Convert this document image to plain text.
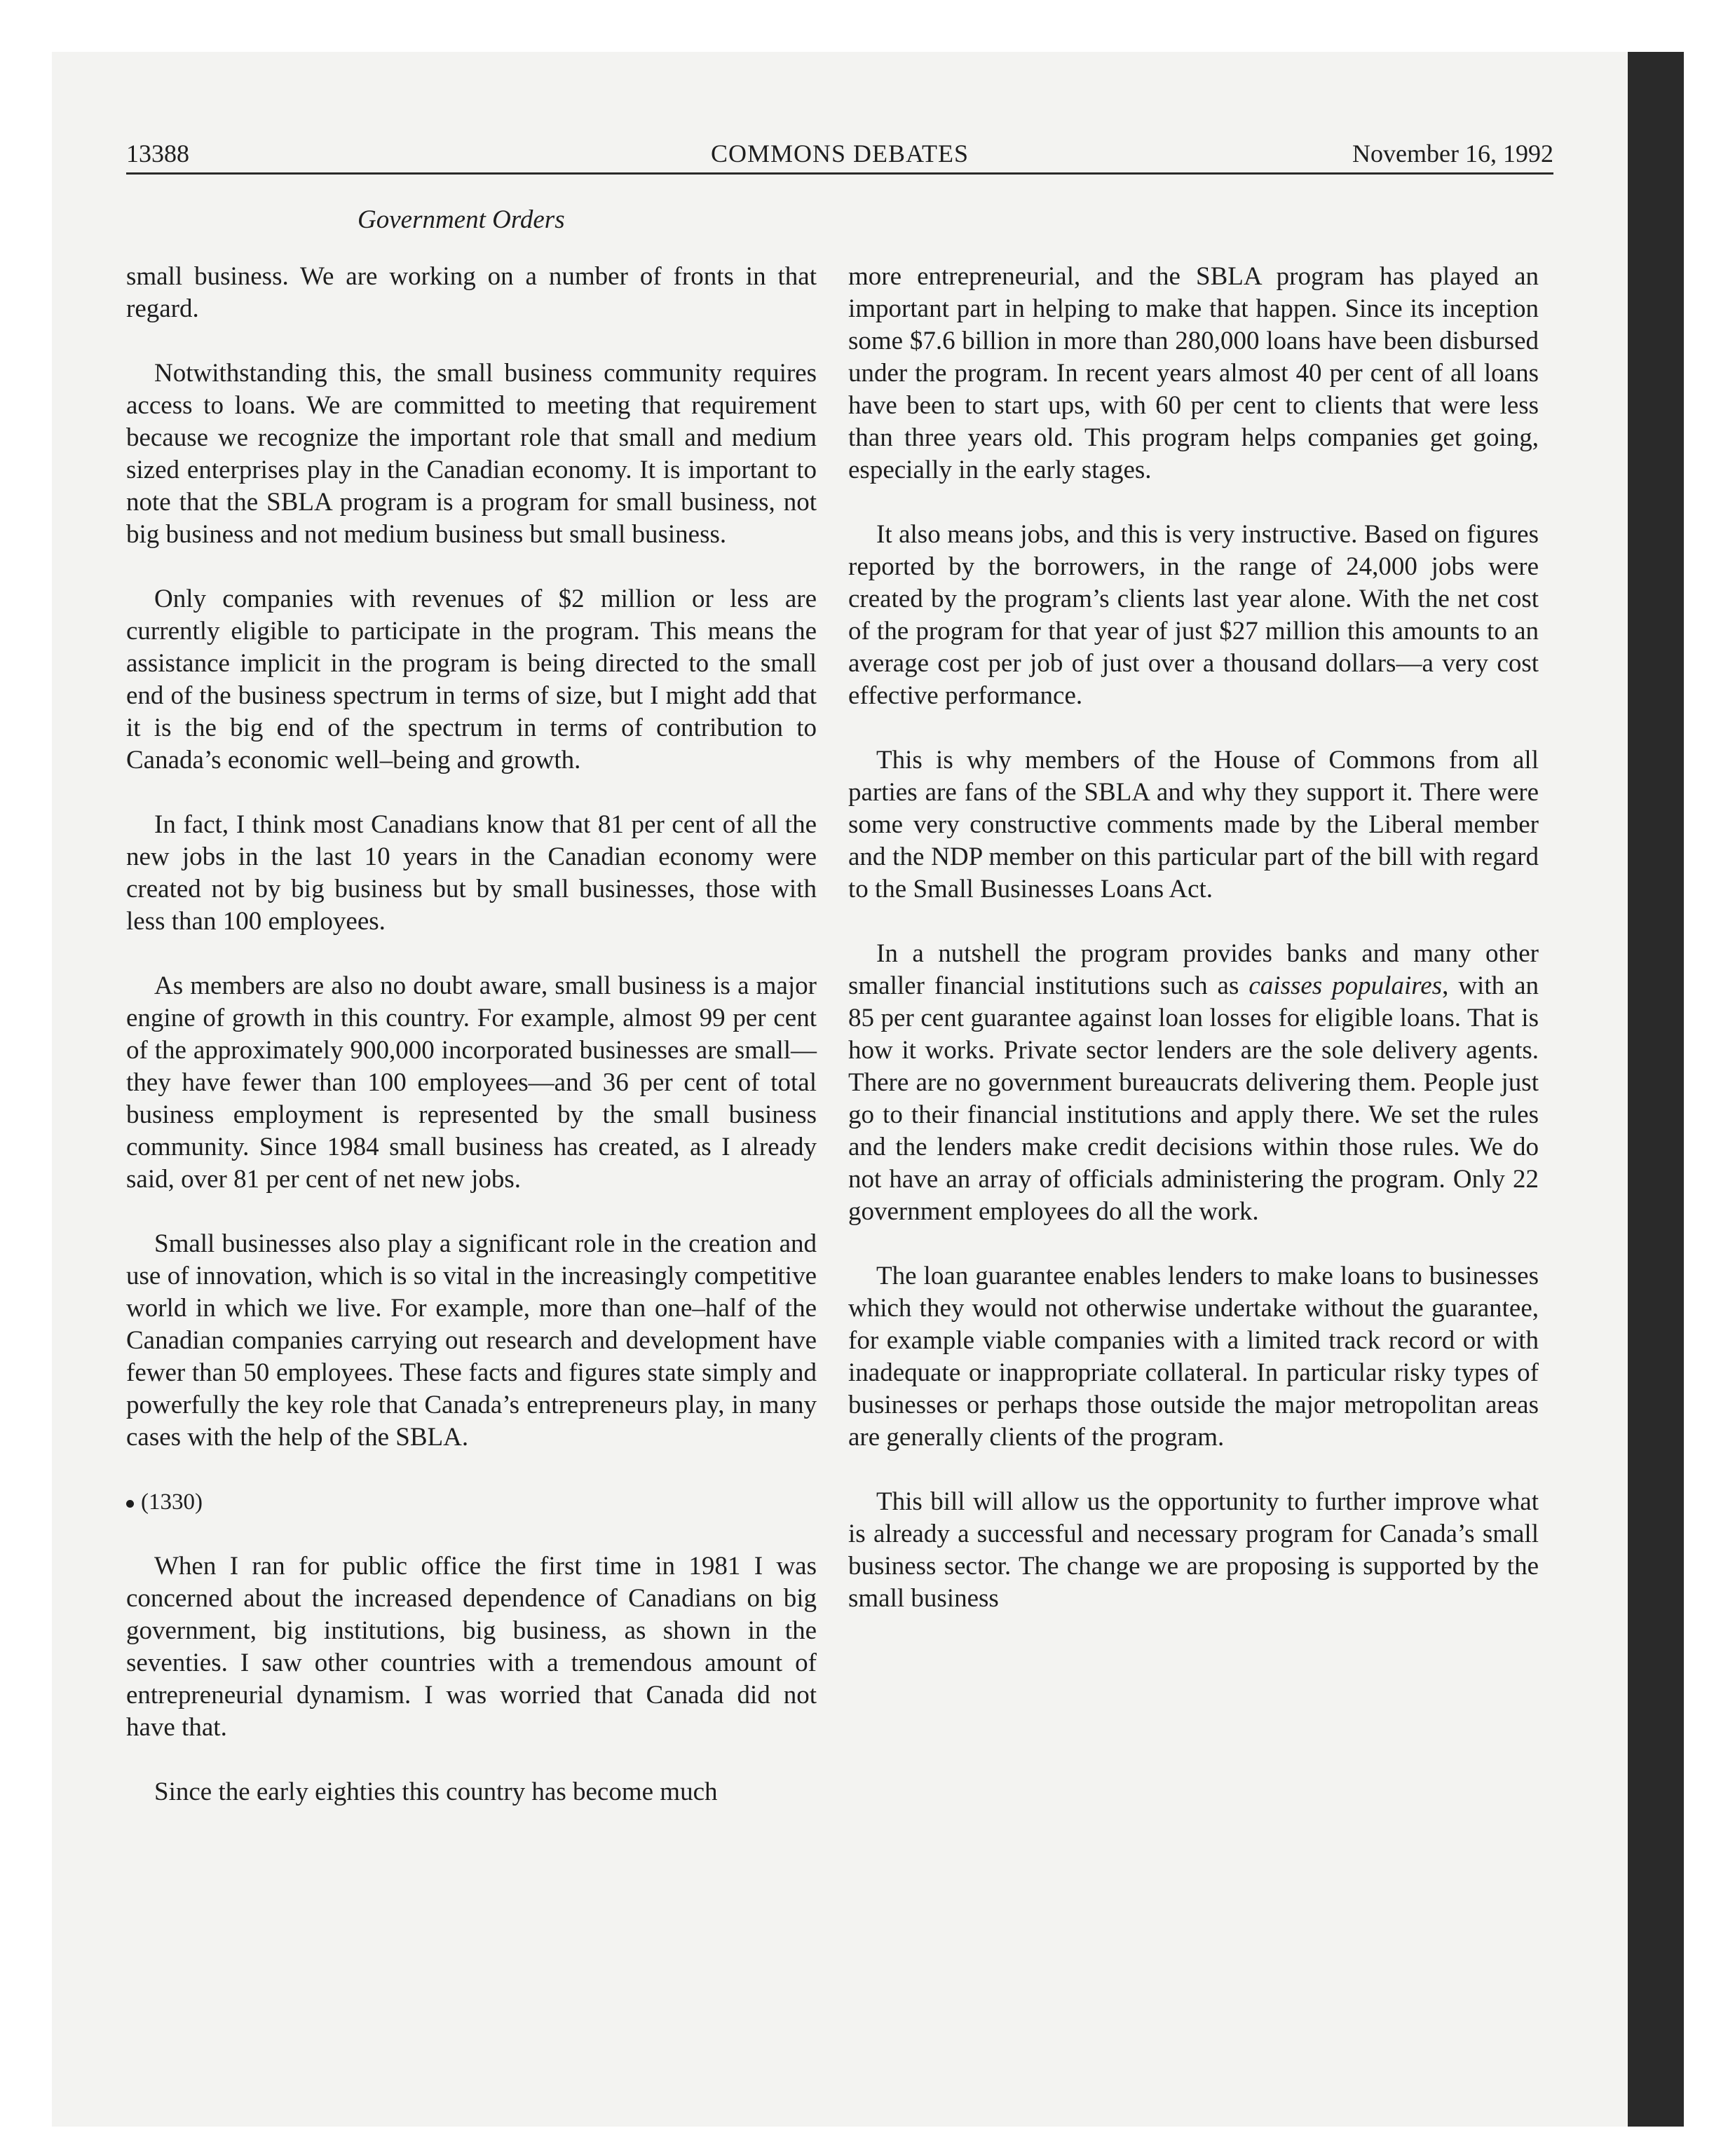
13388	COMMONS DEBATES	November 16, 1992
Government Orders

small business. We are working on a number of fronts in that regard.

Notwithstanding this, the small business community requires access to loans. We are committed to meeting that requirement because we recognize the important role that small and medium sized enterprises play in the Canadian economy. It is important to note that the SBLA program is a program for small business, not big business and not medium business but small business.

Only companies with revenues of $2 million or less are currently eligible to participate in the program. This means the assistance implicit in the program is being directed to the small end of the business spectrum in terms of size, but I might add that it is the big end of the spectrum in terms of contribution to Canada’s economic well–being and growth.

In fact, I think most Canadians know that 81 per cent of all the new jobs in the last 10 years in the Canadian economy were created not by big business but by small businesses, those with less than 100 employees.

As members are also no doubt aware, small business is a major engine of growth in this country. For example, almost 99 per cent of the approximately 900,000 incorporated businesses are small—they have fewer than 100 employees—and 36 per cent of total business employment is represented by the small business community. Since 1984 small business has created, as I already said, over 81 per cent of net new jobs.

Small businesses also play a significant role in the creation and use of innovation, which is so vital in the increasingly competitive world in which we live. For example, more than one–half of the Canadian companies carrying out research and development have fewer than 50 employees. These facts and figures state simply and powerfully the key role that Canada’s entrepreneurs play, in many cases with the help of the SBLA.

(1330)

When I ran for public office the first time in 1981 I was concerned about the increased dependence of Canadians on big government, big institutions, big business, as shown in the seventies. I saw other countries with a tremendous amount of entrepreneurial dynamism. I was worried that Canada did not have that.

Since the early eighties this country has become much

more entrepreneurial, and the SBLA program has played an important part in helping to make that happen. Since its inception some $7.6 billion in more than 280,000 loans have been disbursed under the program. In recent years almost 40 per cent of all loans have been to start ups, with 60 per cent to clients that were less than three years old. This program helps companies get going, especially in the early stages.

It also means jobs, and this is very instructive. Based on figures reported by the borrowers, in the range of 24,000 jobs were created by the program’s clients last year alone. With the net cost of the program for that year of just $27 million this amounts to an average cost per job of just over a thousand dollars—a very cost effective performance.

This is why members of the House of Commons from all parties are fans of the SBLA and why they support it. There were some very constructive comments made by the Liberal member and the NDP member on this particular part of the bill with regard to the Small Businesses Loans Act.

In a nutshell the program provides banks and many other smaller financial institutions such as caisses populaires, with an 85 per cent guarantee against loan losses for eligible loans. That is how it works. Private sector lenders are the sole delivery agents. There are no government bureaucrats delivering them. People just go to their financial institutions and apply there. We set the rules and the lenders make credit decisions within those rules. We do not have an array of officials administering the program. Only 22 government employees do all the work.

The loan guarantee enables lenders to make loans to businesses which they would not otherwise undertake without the guarantee, for example viable companies with a limited track record or with inadequate or inappropriate collateral. In particular risky types of businesses or perhaps those outside the major metropolitan areas are generally clients of the program.

This bill will allow us the opportunity to further improve what is already a successful and necessary program for Canada’s small business sector. The change we are proposing is supported by the small business
